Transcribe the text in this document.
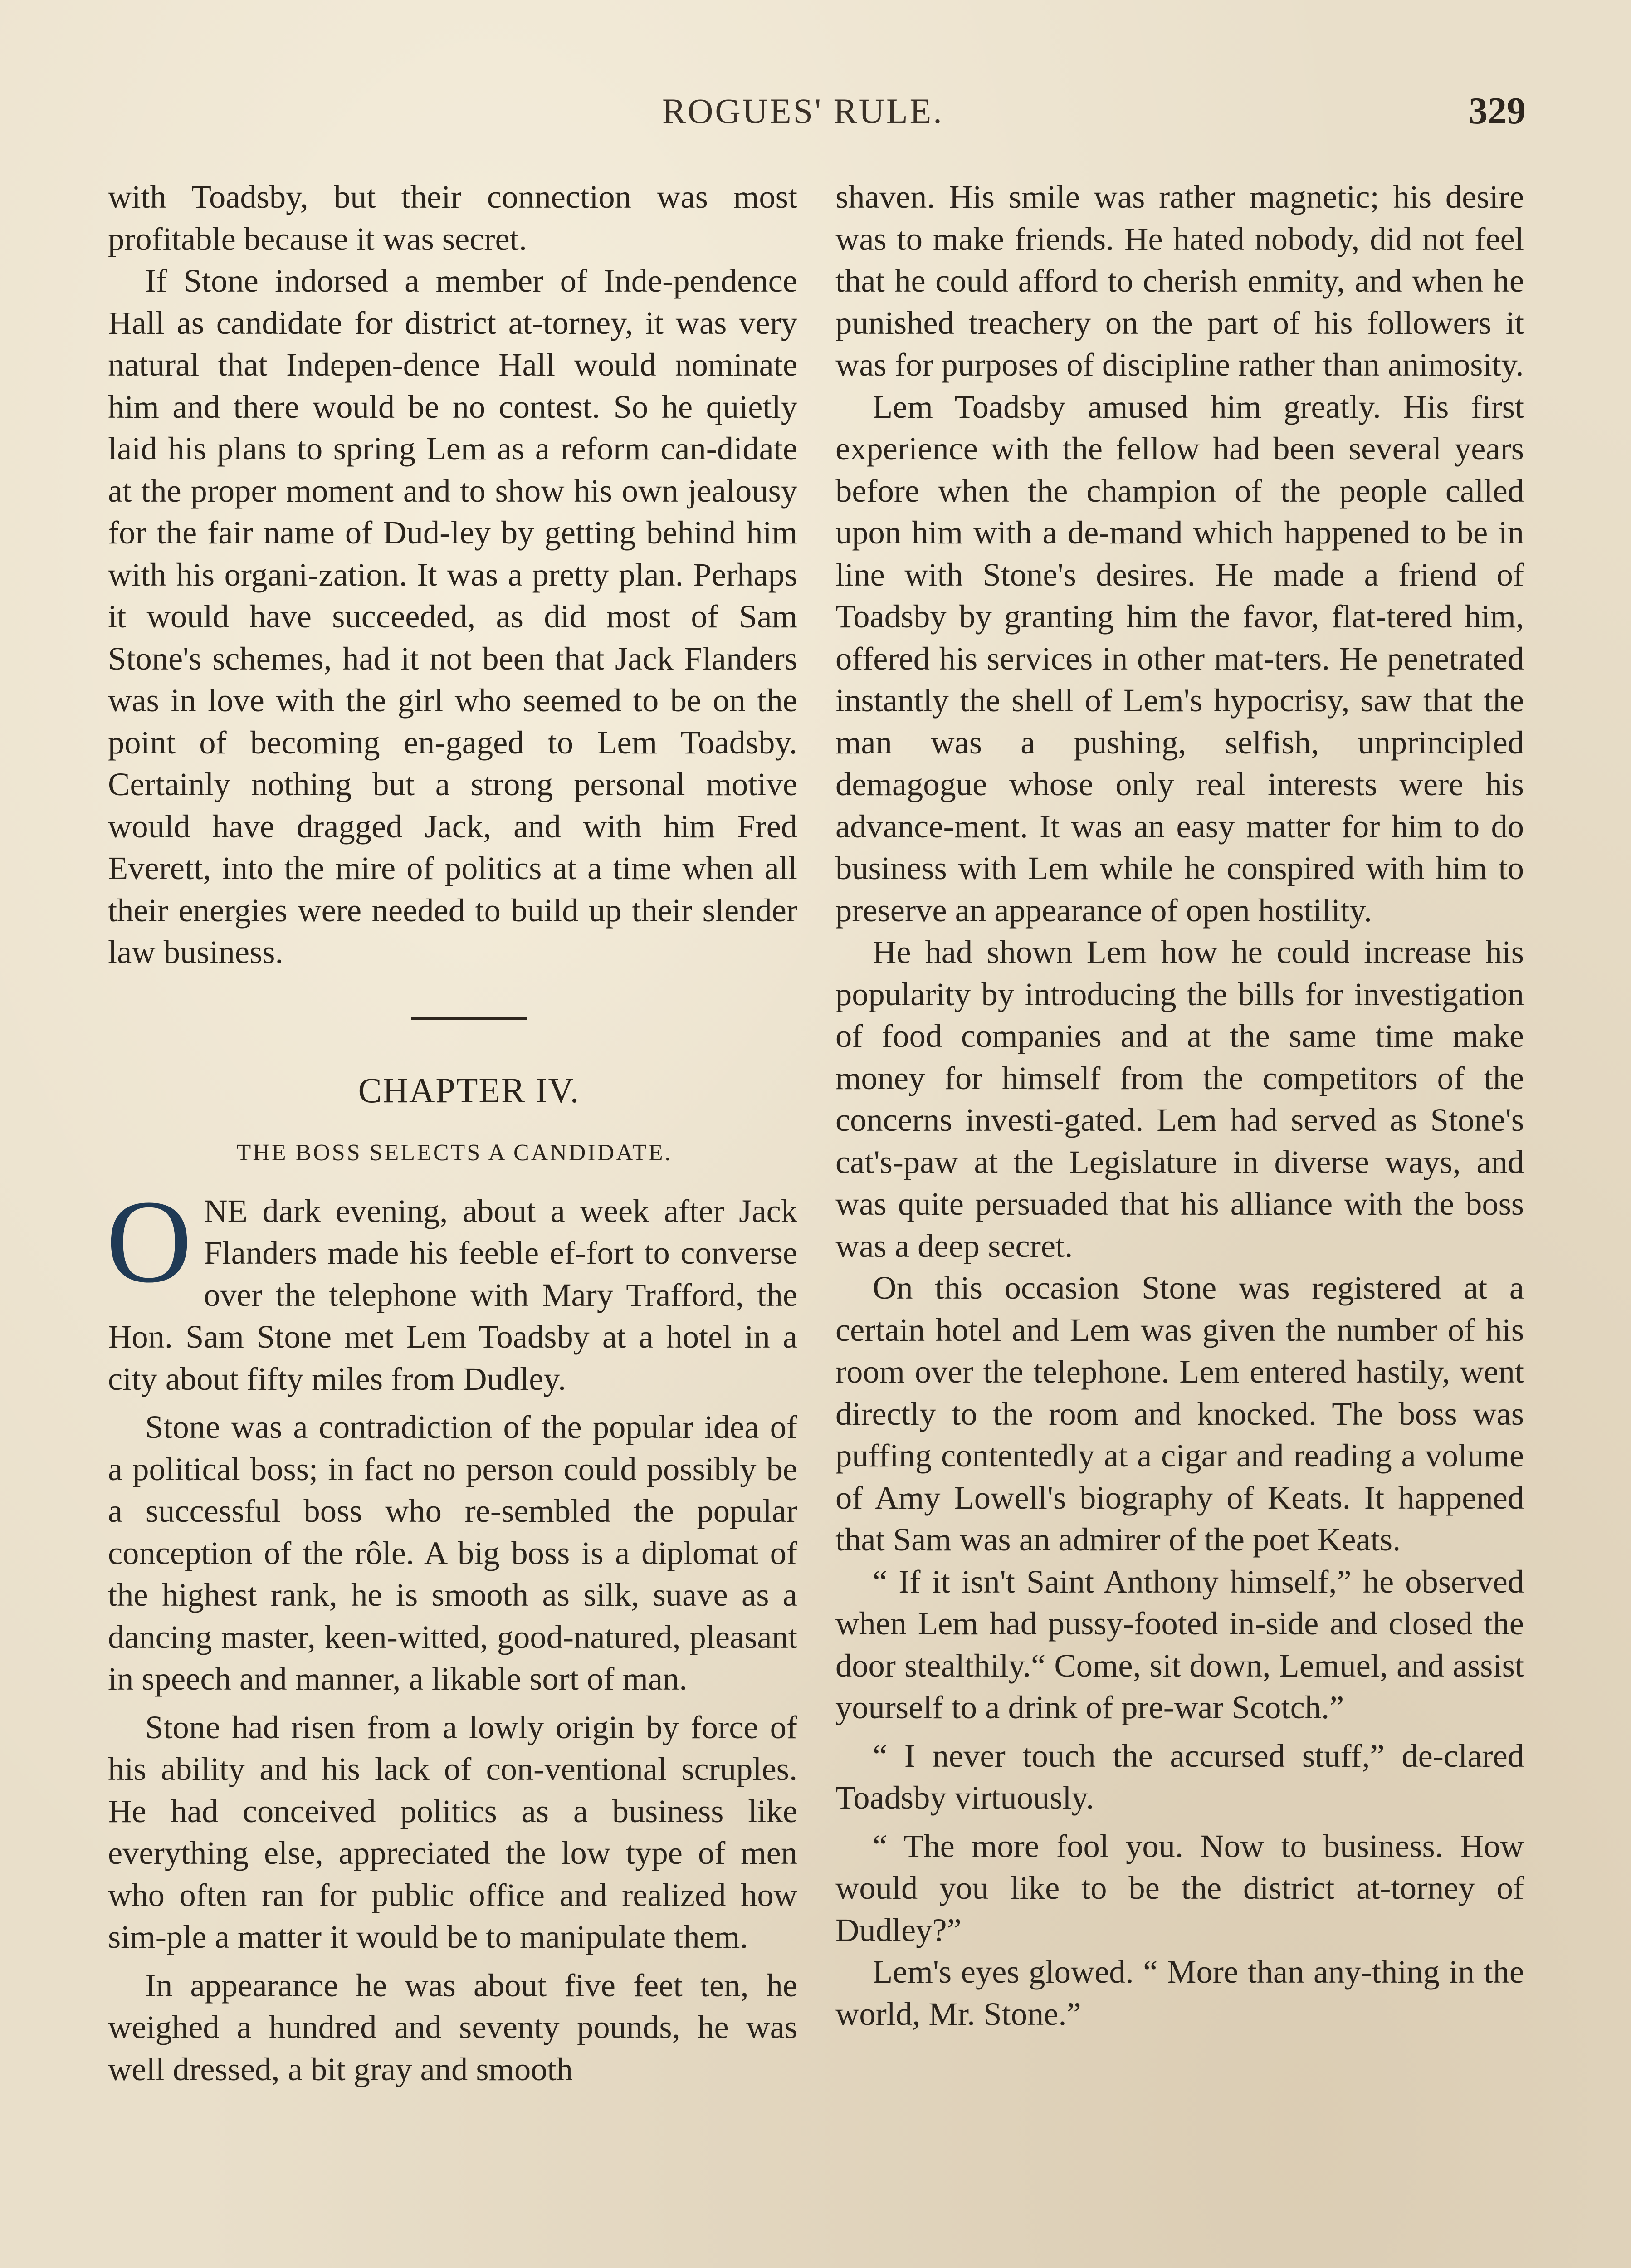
ROGUES' RULE.	329

with Toadsby, but their connection was most profitable because it was secret.

If Stone indorsed a member of Inde-pendence Hall as candidate for district at-torney, it was very natural that Indepen-dence Hall would nominate him and there would be no contest. So he quietly laid his plans to spring Lem as a reform can-didate at the proper moment and to show his own jealousy for the fair name of Dud-ley by getting behind him with his organi-zation. It was a pretty plan. Perhaps it would have succeeded, as did most of Sam Stone's schemes, had it not been that Jack Flanders was in love with the girl who seemed to be on the point of becoming en-gaged to Lem Toadsby. Certainly nothing but a strong personal motive would have dragged Jack, and with him Fred Everett, into the mire of politics at a time when all their energies were needed to build up their slender law business.

CHAPTER IV.
THE BOSS SELECTS A CANDIDATE.

ONE dark evening, about a week after Jack Flanders made his feeble ef-fort to converse over the telephone with Mary Trafford, the Hon. Sam Stone met Lem Toadsby at a hotel in a city about fifty miles from Dudley.

Stone was a contradiction of the popular idea of a political boss; in fact no person could possibly be a successful boss who re-sembled the popular conception of the rôle. A big boss is a diplomat of the highest rank, he is smooth as silk, suave as a dancing master, keen-witted, good-natured, pleasant in speech and manner, a likable sort of man.

Stone had risen from a lowly origin by force of his ability and his lack of con-ventional scruples. He had conceived politics as a business like everything else, appreciated the low type of men who often ran for public office and realized how sim-ple a matter it would be to manipulate them.

In appearance he was about five feet ten, he weighed a hundred and seventy pounds, he was well dressed, a bit gray and smooth

shaven. His smile was rather magnetic; his desire was to make friends. He hated nobody, did not feel that he could afford to cherish enmity, and when he punished treachery on the part of his followers it was for purposes of discipline rather than animosity.

Lem Toadsby amused him greatly. His first experience with the fellow had been several years before when the champion of the people called upon him with a de-mand which happened to be in line with Stone's desires. He made a friend of Toadsby by granting him the favor, flat-tered him, offered his services in other mat-ters. He penetrated instantly the shell of Lem's hypocrisy, saw that the man was a pushing, selfish, unprincipled demagogue whose only real interests were his advance-ment. It was an easy matter for him to do business with Lem while he conspired with him to preserve an appearance of open hostility.

He had shown Lem how he could increase his popularity by introducing the bills for investigation of food companies and at the same time make money for himself from the competitors of the concerns investi-gated. Lem had served as Stone's cat's-paw at the Legislature in diverse ways, and was quite persuaded that his alliance with the boss was a deep secret.

On this occasion Stone was registered at a certain hotel and Lem was given the number of his room over the telephone. Lem entered hastily, went directly to the room and knocked. The boss was puffing contentedly at a cigar and reading a volume of Amy Lowell's biography of Keats. It happened that Sam was an admirer of the poet Keats.

“ If it isn't Saint Anthony himself,” he observed when Lem had pussy-footed in-side and closed the door stealthily.“ Come, sit down, Lemuel, and assist yourself to a drink of pre-war Scotch.”

“ I never touch the accursed stuff,” de-clared Toadsby virtuously.

“ The more fool you. Now to business. How would you like to be the district at-torney of Dudley?”

Lem's eyes glowed. “ More than any-thing in the world, Mr. Stone.”
